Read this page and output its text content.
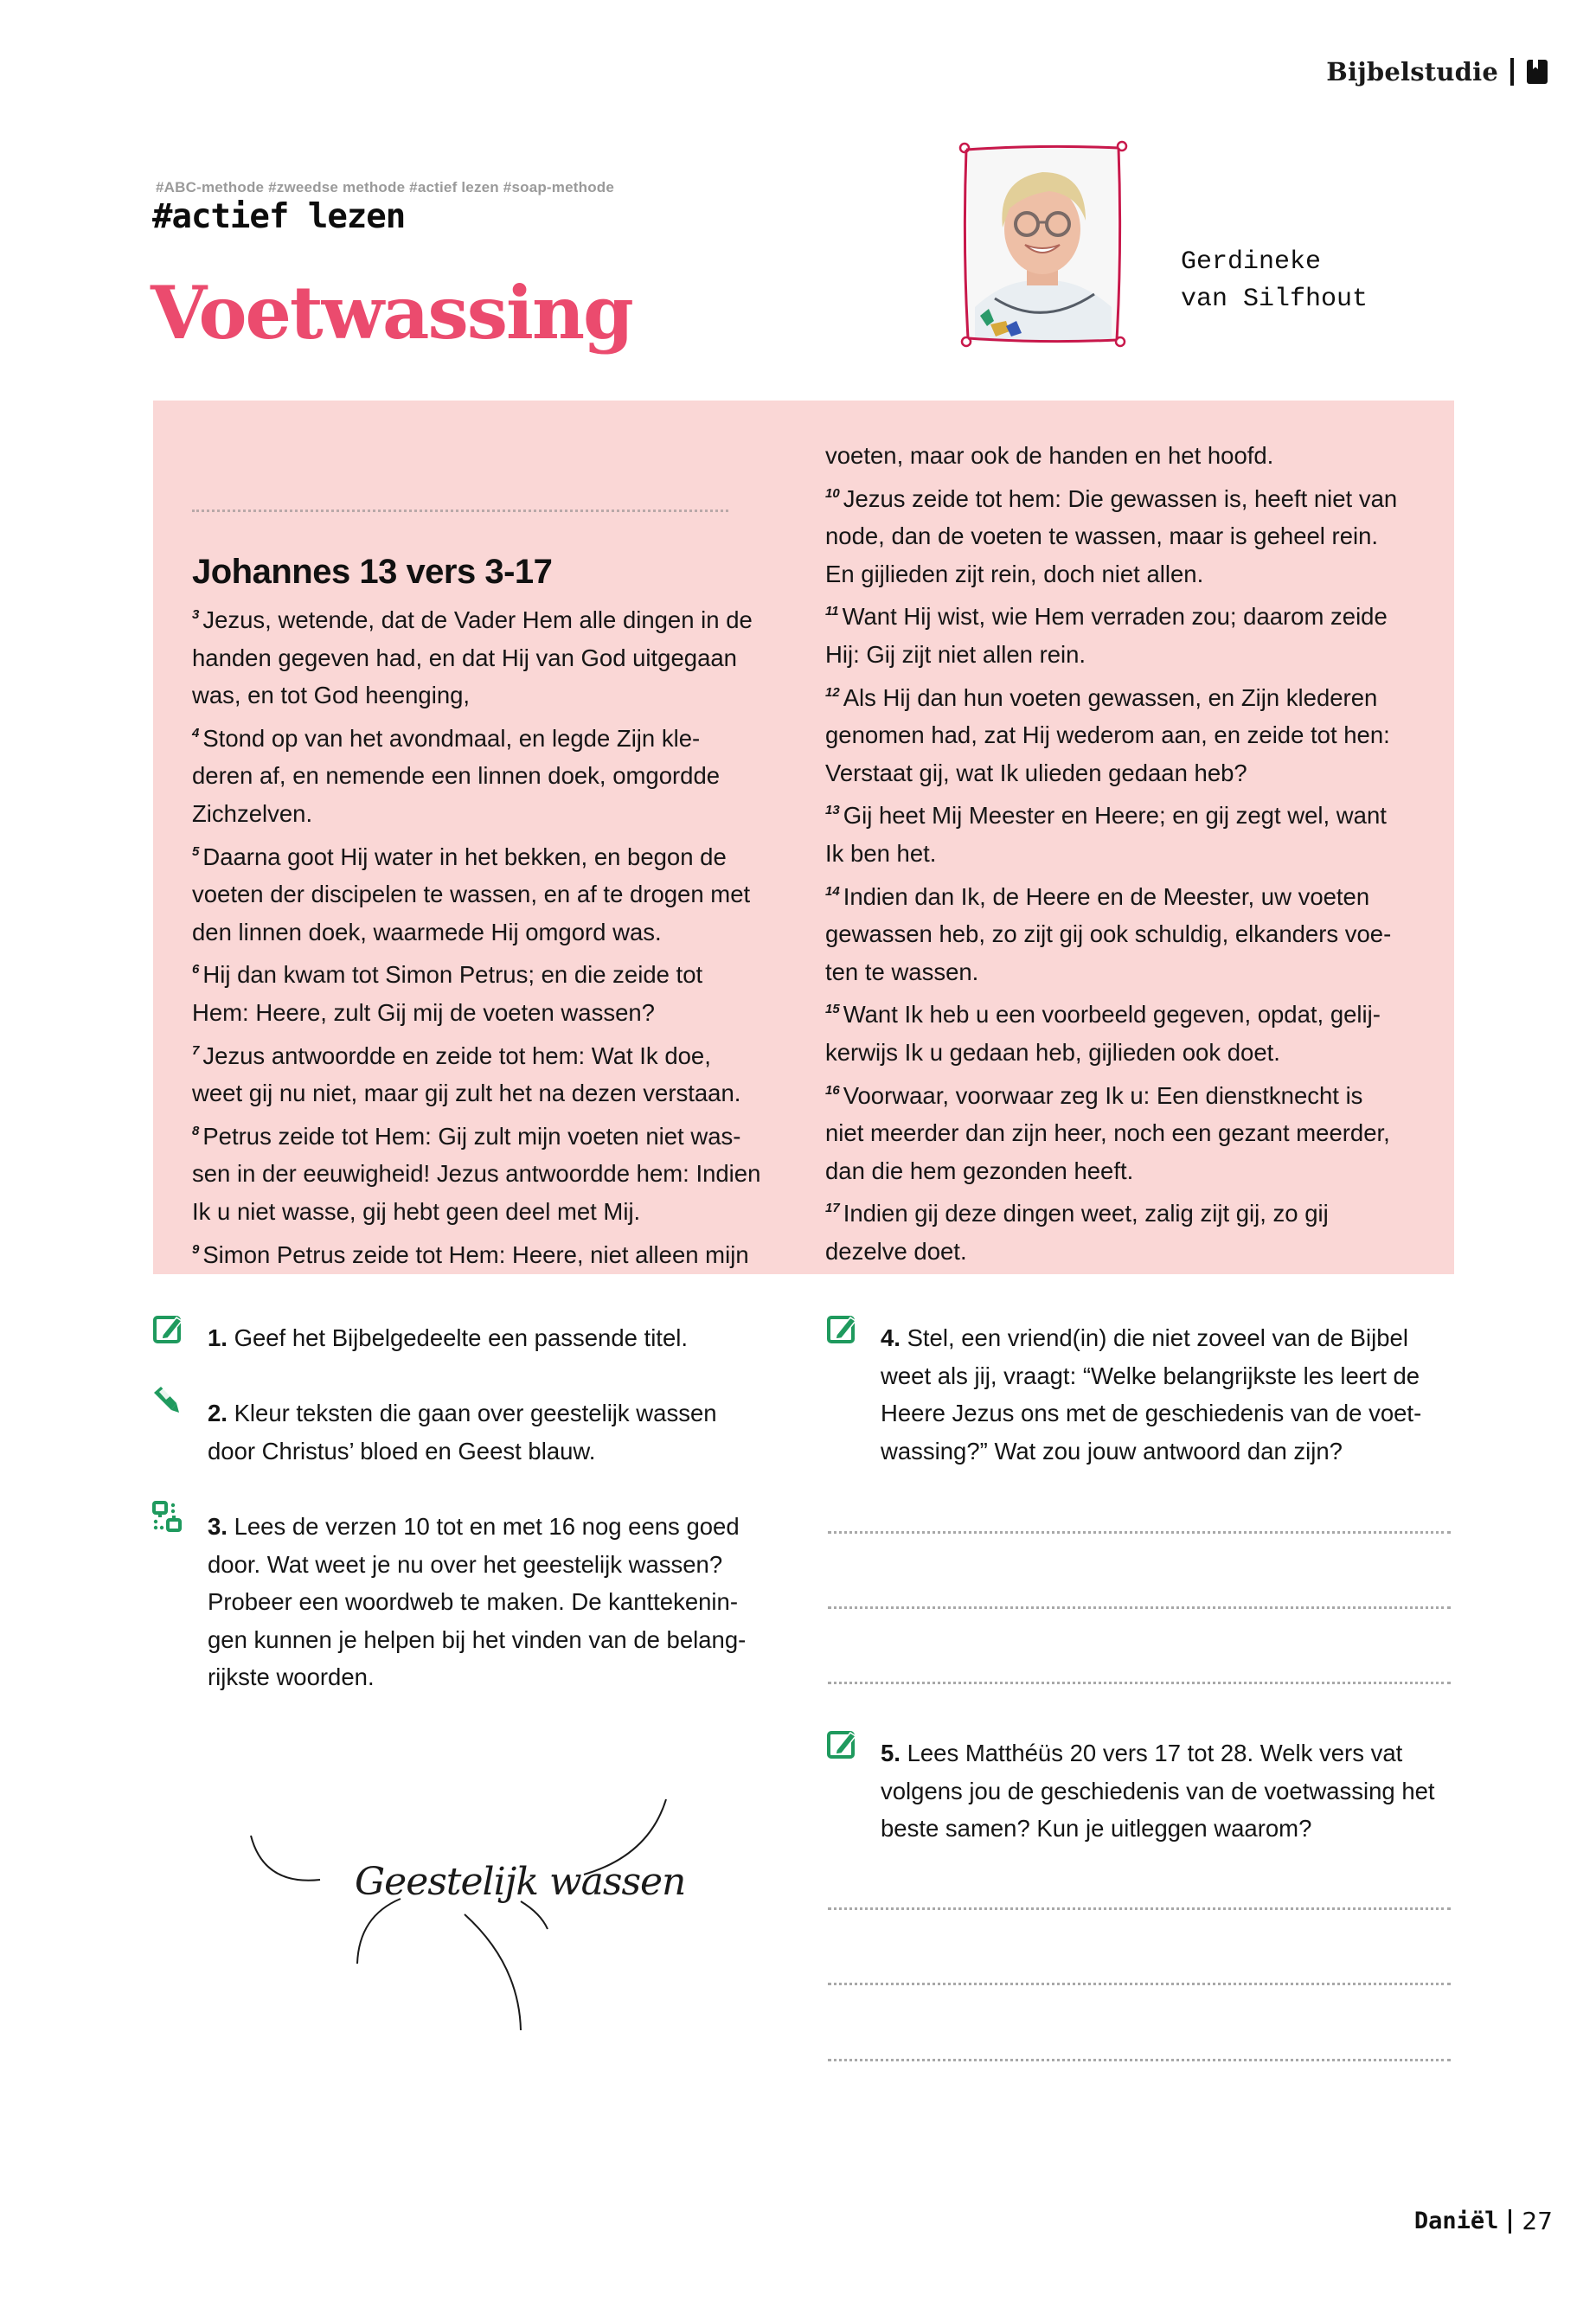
Bijbelstudie
#ABC-methode #zweedse methode #actief lezen #soap-methode
#actief lezen
Voetwassing
Gerdineke
van Silfhout
Johannes 13 vers 3-17

$^3$ Jezus, wetende, dat de Vader Hem alle dingen in de

handen gegeven had, en dat Hij van God uitgegaan

was, en tot God heenging,

$^4$ Stond op van het avondmaal, en legde Zijn kle-

deren af, en nemende een linnen doek, omgordde

Zichzelven.

$^5$ Daarna goot Hij water in het bekken, en begon de

voeten der discipelen te wassen, en af te drogen met

den linnen doek, waarmede Hij omgord was.

$^6$ Hij dan kwam tot Simon Petrus; en die zeide tot

Hem: Heere, zult Gij mij de voeten wassen?

$^7$ Jezus antwoordde en zeide tot hem: Wat Ik doe,

weet gij nu niet, maar gij zult het na dezen verstaan.

$^8$ Petrus zeide tot Hem: Gij zult mijn voeten niet was-

sen in der eeuwigheid! Jezus antwoordde hem: Indien

Ik u niet wasse, gij hebt geen deel met Mij.

$^9$ Simon Petrus zeide tot Hem: Heere, niet alleen mijn

voeten, maar ook de handen en het hoofd.

$^{10}$ Jezus zeide tot hem: Die gewassen is, heeft niet van

node, dan de voeten te wassen, maar is geheel rein.

En gijlieden zijt rein, doch niet allen.

$^{11}$ Want Hij wist, wie Hem verraden zou; daarom zeide

Hij: Gij zijt niet allen rein.

$^{12}$ Als Hij dan hun voeten gewassen, en Zijn klederen

genomen had, zat Hij wederom aan, en zeide tot hen:

Verstaat gij, wat Ik ulieden gedaan heb?

$^{13}$ Gij heet Mij Meester en Heere; en gij zegt wel, want

Ik ben het.

$^{14}$ Indien dan Ik, de Heere en de Meester, uw voeten

gewassen heb, zo zijt gij ook schuldig, elkanders voe-

ten te wassen.

$^{15}$ Want Ik heb u een voorbeeld gegeven, opdat, gelij-

kerwijs Ik u gedaan heb, gijlieden ook doet.

$^{16}$ Voorwaar, voorwaar zeg Ik u: Een dienstknecht is

niet meerder dan zijn heer, noch een gezant meerder,

dan die hem gezonden heeft.

$^{17}$ Indien gij deze dingen weet, zalig zijt gij, zo gij

dezelve doet.

1. Geef het Bijbelgedeelte een passende titel.
2. Kleur teksten die gaan over geestelijk wassen
door Christus’ bloed en Geest blauw.
3. Lees de verzen 10 tot en met 16 nog eens goed
door. Wat weet je nu over het geestelijk wassen?
Probeer een woordweb te maken. De kanttekenin-
gen kunnen je helpen bij het vinden van de belang-
rijkste woorden.
Geestelijk wassen
4. Stel, een vriend(in) die niet zoveel van de Bijbel
weet als jij, vraagt: “Welke belangrijkste les leert de
Heere Jezus ons met de geschiedenis van de voet-
wassing?” Wat zou jouw antwoord dan zijn?
5. Lees Matthéüs 20 vers 17 tot 28. Welk vers vat
volgens jou de geschiedenis van de voetwassing het
beste samen? Kun je uitleggen waarom?
Daniël 27
